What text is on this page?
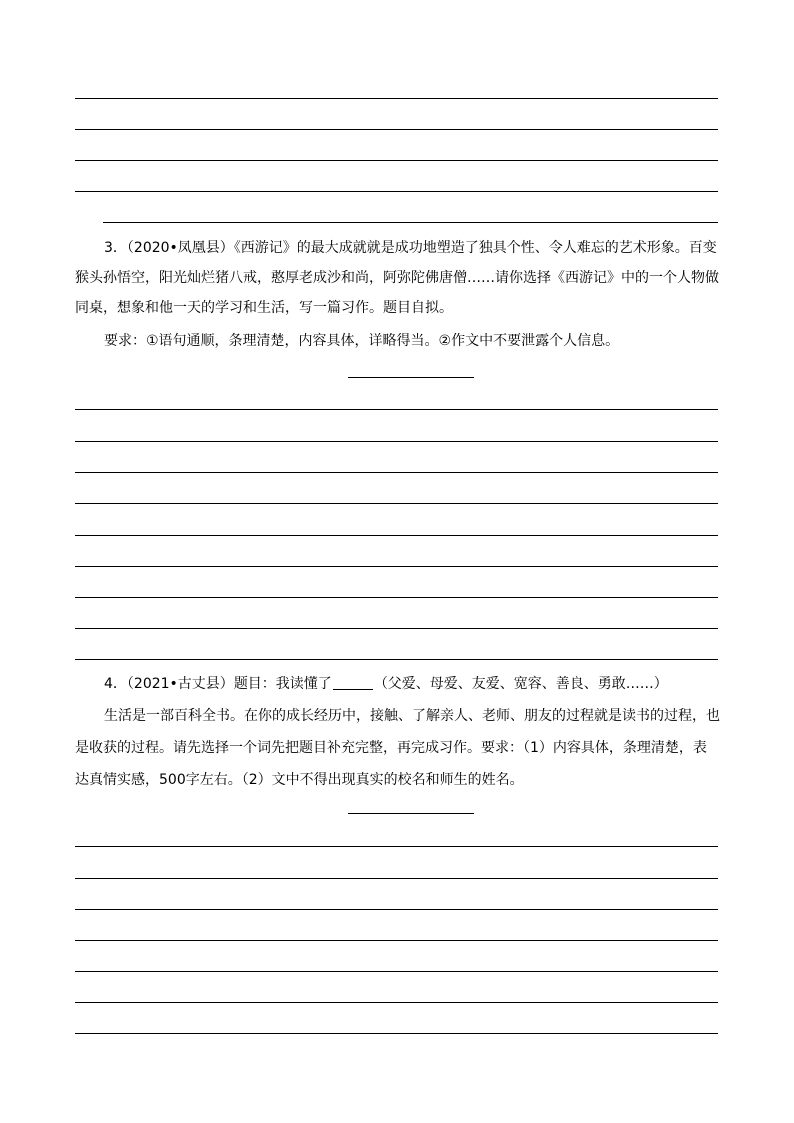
3．（2020•凤凰县）《西游记》的最大成就就是成功地塑造了独具个性、令人难忘的艺术形象。百变
猴头孙悟空，阳光灿烂猪八戒，憨厚老成沙和尚，阿弥陀佛唐僧……请你选择《西游记》中的一个人物做
同桌，想象和他一天的学习和生活，写一篇习作。题目自拟。
要求：①语句通顺，条理清楚，内容具体，详略得当。②作文中不要泄露个人信息。
4．（2021•古丈县）题目：我读懂了	（父爱、母爱、友爱、宽容、善良、勇敢……）
生活是一部百科全书。在你的成长经历中，接触、了解亲人、老师、朋友的过程就是读书的过程，也
是收获的过程。请先选择一个词先把题目补充完整，再完成习作。要求：（1）内容具体，条理清楚，表
达真情实感，500字左右。（2）文中不得出现真实的校名和师生的姓名。
